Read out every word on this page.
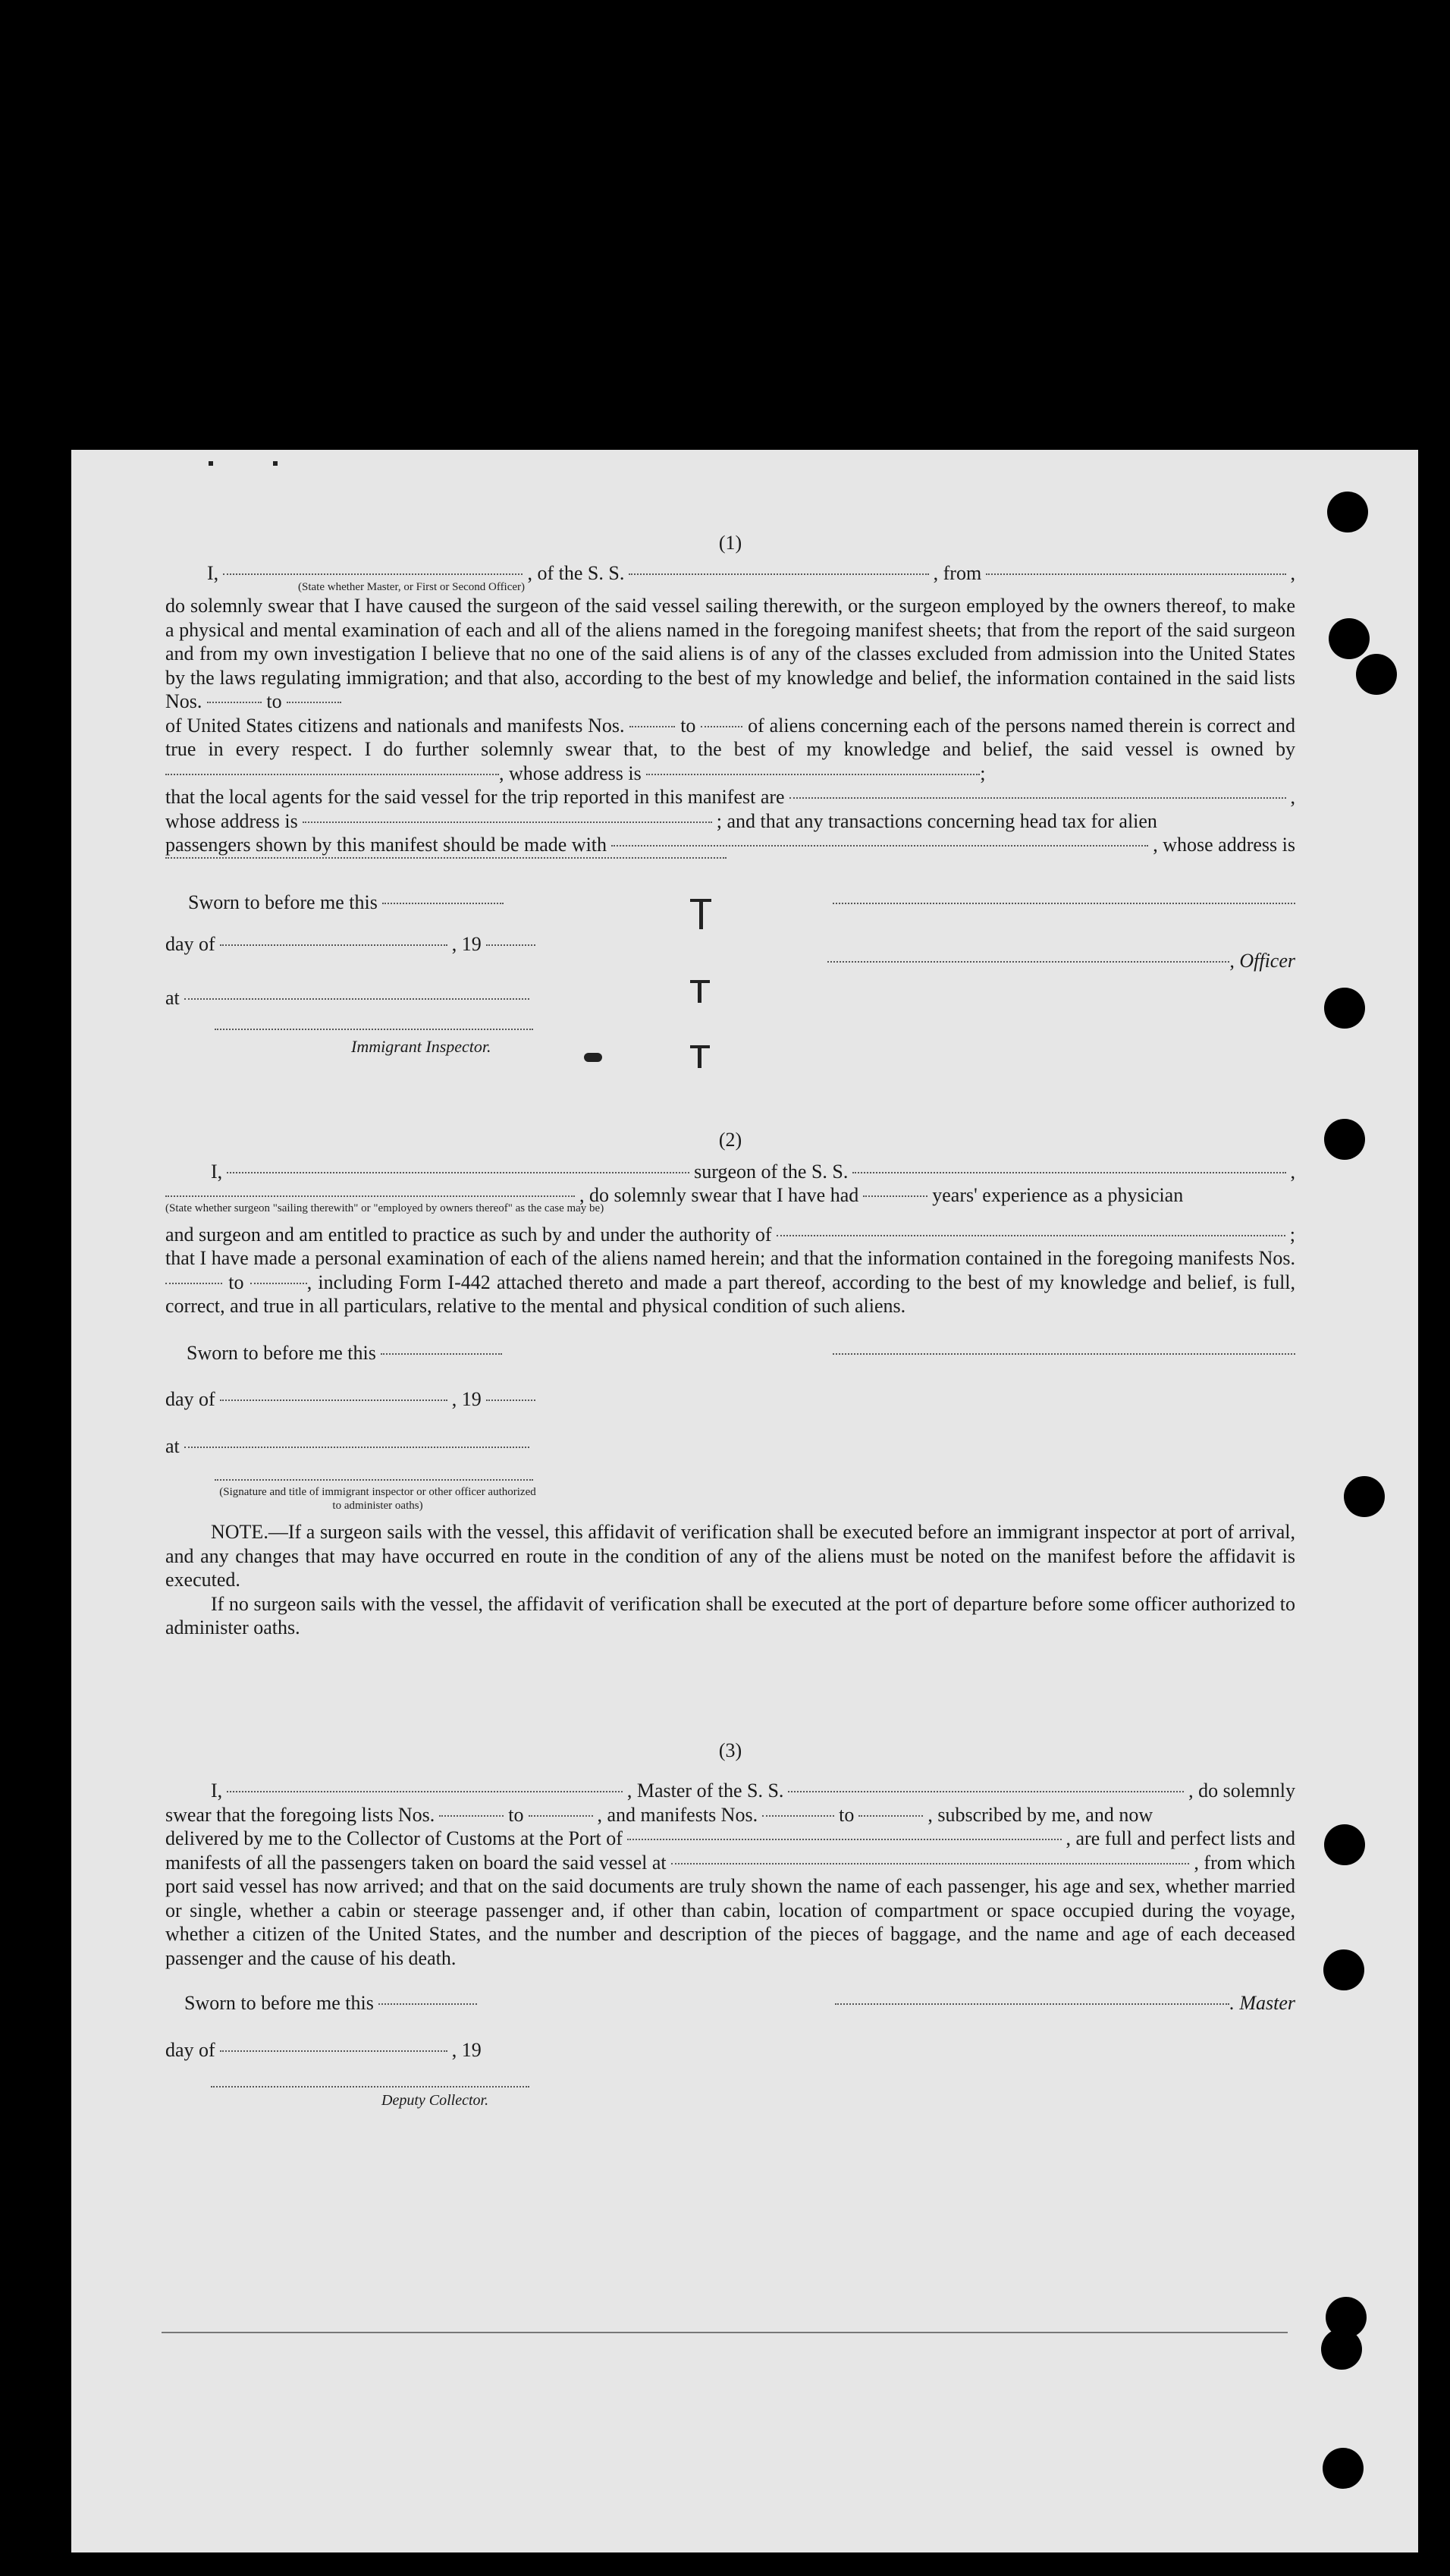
(1)

I,	, of the S. S.	, from	,
(State whether Master, or First or Second Officer)

do solemnly swear that I have caused the surgeon of the said vessel sailing therewith, or the surgeon employed by the owners thereof, to make a physical and mental examination of each and all of the aliens named in the foregoing manifest sheets; that from the report of the said surgeon and from my own investigation I believe that no one of the said aliens is of any of the classes excluded from admission into the United States by the laws regulating immigration; and that also, according to the best of my knowledge and belief, the information contained in the said lists Nos.	to

of United States citizens and nationals and manifests Nos.	to	of aliens concerning each of the persons named therein is correct and true in every respect. I do further solemnly swear that, to the best of my knowledge and belief, the said vessel is owned by , whose address is	;

that the local agents for the said vessel for the trip reported in this manifest are	,
whose address is	; and that any transactions concerning head tax for alien
passengers shown by this manifest should be made with	, whose address is
Sworn to before me this
day of	, 19
, Officer
at
Immigrant Inspector.

(2)

I,	surgeon of the S. S.	,
, do solemnly swear that I have had	years' experience as a physician
(State whether surgeon "sailing therewith" or "employed by owners thereof" as the case may be)
and surgeon and am entitled to practice as such by and under the authority of	;

that I have made a personal examination of each of the aliens named herein; and that the information contained in the foregoing manifests Nos.  to	, including Form I-442 attached thereto and made a part thereof, according to the best of my knowledge and belief, is full, correct, and true in all particulars, relative to the mental and physical condition of such aliens.

Sworn to before me this
day of	, 19
at
(Signature and title of immigrant inspector or other officer authorized to administer oaths)

NOTE.—If a surgeon sails with the vessel, this affidavit of verification shall be executed before an immigrant inspector at port of arrival, and any changes that may have occurred en route in the condition of any of the aliens must be noted on the manifest before the affidavit is executed.

If no surgeon sails with the vessel, the affidavit of verification shall be executed at the port of departure before some officer authorized to administer oaths.

(3)

I,	, Master of the S. S.	, do solemnly
swear that the foregoing lists Nos.	to	, and manifests Nos.	to	, subscribed by me, and now
delivered by me to the Collector of Customs at the Port of	, are full and perfect lists and
manifests of all the passengers taken on board the said vessel at	, from which

port said vessel has now arrived; and that on the said documents are truly shown the name of each passenger, his age and sex, whether married or single, whether a cabin or steerage passenger and, if other than cabin, location of compartment or space occupied during the voyage, whether a citizen of the United States, and the number and description of the pieces of baggage, and the name and age of each deceased passenger and the cause of his death.

Sworn to before me this	. Master
day of	, 19
Deputy Collector.
